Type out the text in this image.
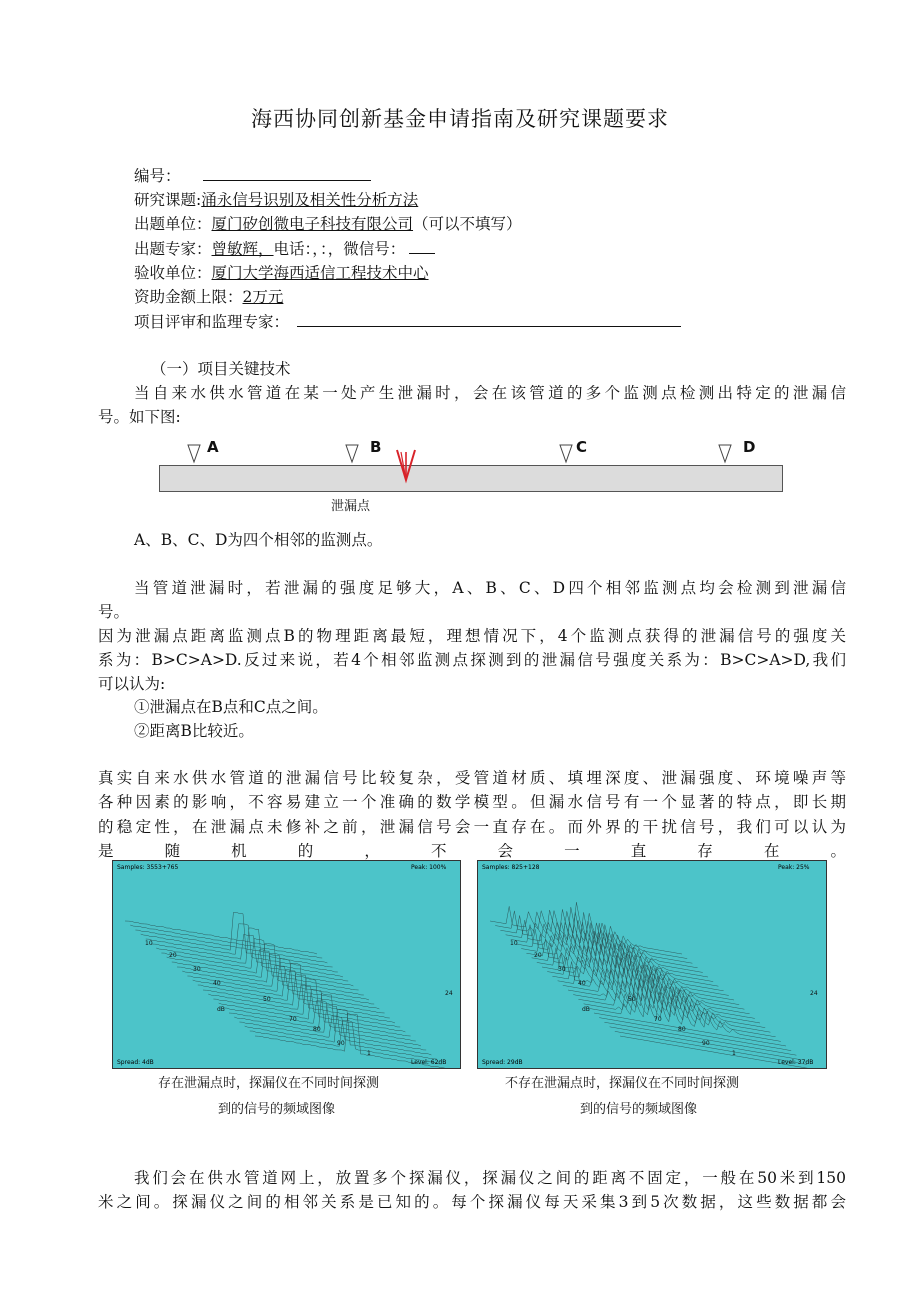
海西协同创新基金申请指南及研究课题要求
编号：
研究课题:涌永信号识别及相关性分析方法
出题单位：厦门矽创微电子科技有限公司（可以不填写）
出题专家：曾敏辉，电话：，：，微信号：
验收单位：厦门大学海西适信工程技术中心
资助金额上限：2万元
项目评审和监理专家：
（一）项目关键技术
当自来水供水管道在某一处产生泄漏时，会在该管道的多个监测点检测出特定的泄漏信
号。如下图:
A	B	C	D
泄漏点
A、B、C、D为四个相邻的监测点。
当管道泄漏时，若泄漏的强度足够大，A、B、C、D四个相邻监测点均会检测到泄漏信
号。
因为泄漏点距离监测点B的物理距离最短，理想情况下，4个监测点获得的泄漏信号的强度关
系为：B>C>A>D.反过来说，若4个相邻监测点探测到的泄漏信号强度关系为：B>C>A>D,我们
可以认为:
①泄漏点在B点和C点之间。
②距离B比较近。
真实自来水供水管道的泄漏信号比较复杂，受管道材质、填埋深度、泄漏强度、环境噪声等
各种因素的影响，不容易建立一个准确的数学模型。但漏水信号有一个显著的特点，即长期
的稳定性，在泄漏点未修补之前，泄漏信号会一直存在。而外界的干扰信号，我们可以认为
是随机的，不会一直存在。
Samples: 3553+765	Peak: 100%
Spread: 4dB	Level: 62dB
10
20
30
40
dB
50
70
80
90
24
1
存在泄漏点时，探漏仪在不同时间探测
到的信号的频域图像
Samples: 825+128	Peak: 25%
Spread: 29dB	Level: 37dB
10
20
30
40
dB
50
70
80
90
24
1
不存在泄漏点时，探漏仪在不同时间探测
到的信号的频域图像
我们会在供水管道网上，放置多个探漏仪，探漏仪之间的距离不固定，一般在50米到150
米之间。探漏仪之间的相邻关系是已知的。每个探漏仪每天采集3到5次数据，这些数据都会
